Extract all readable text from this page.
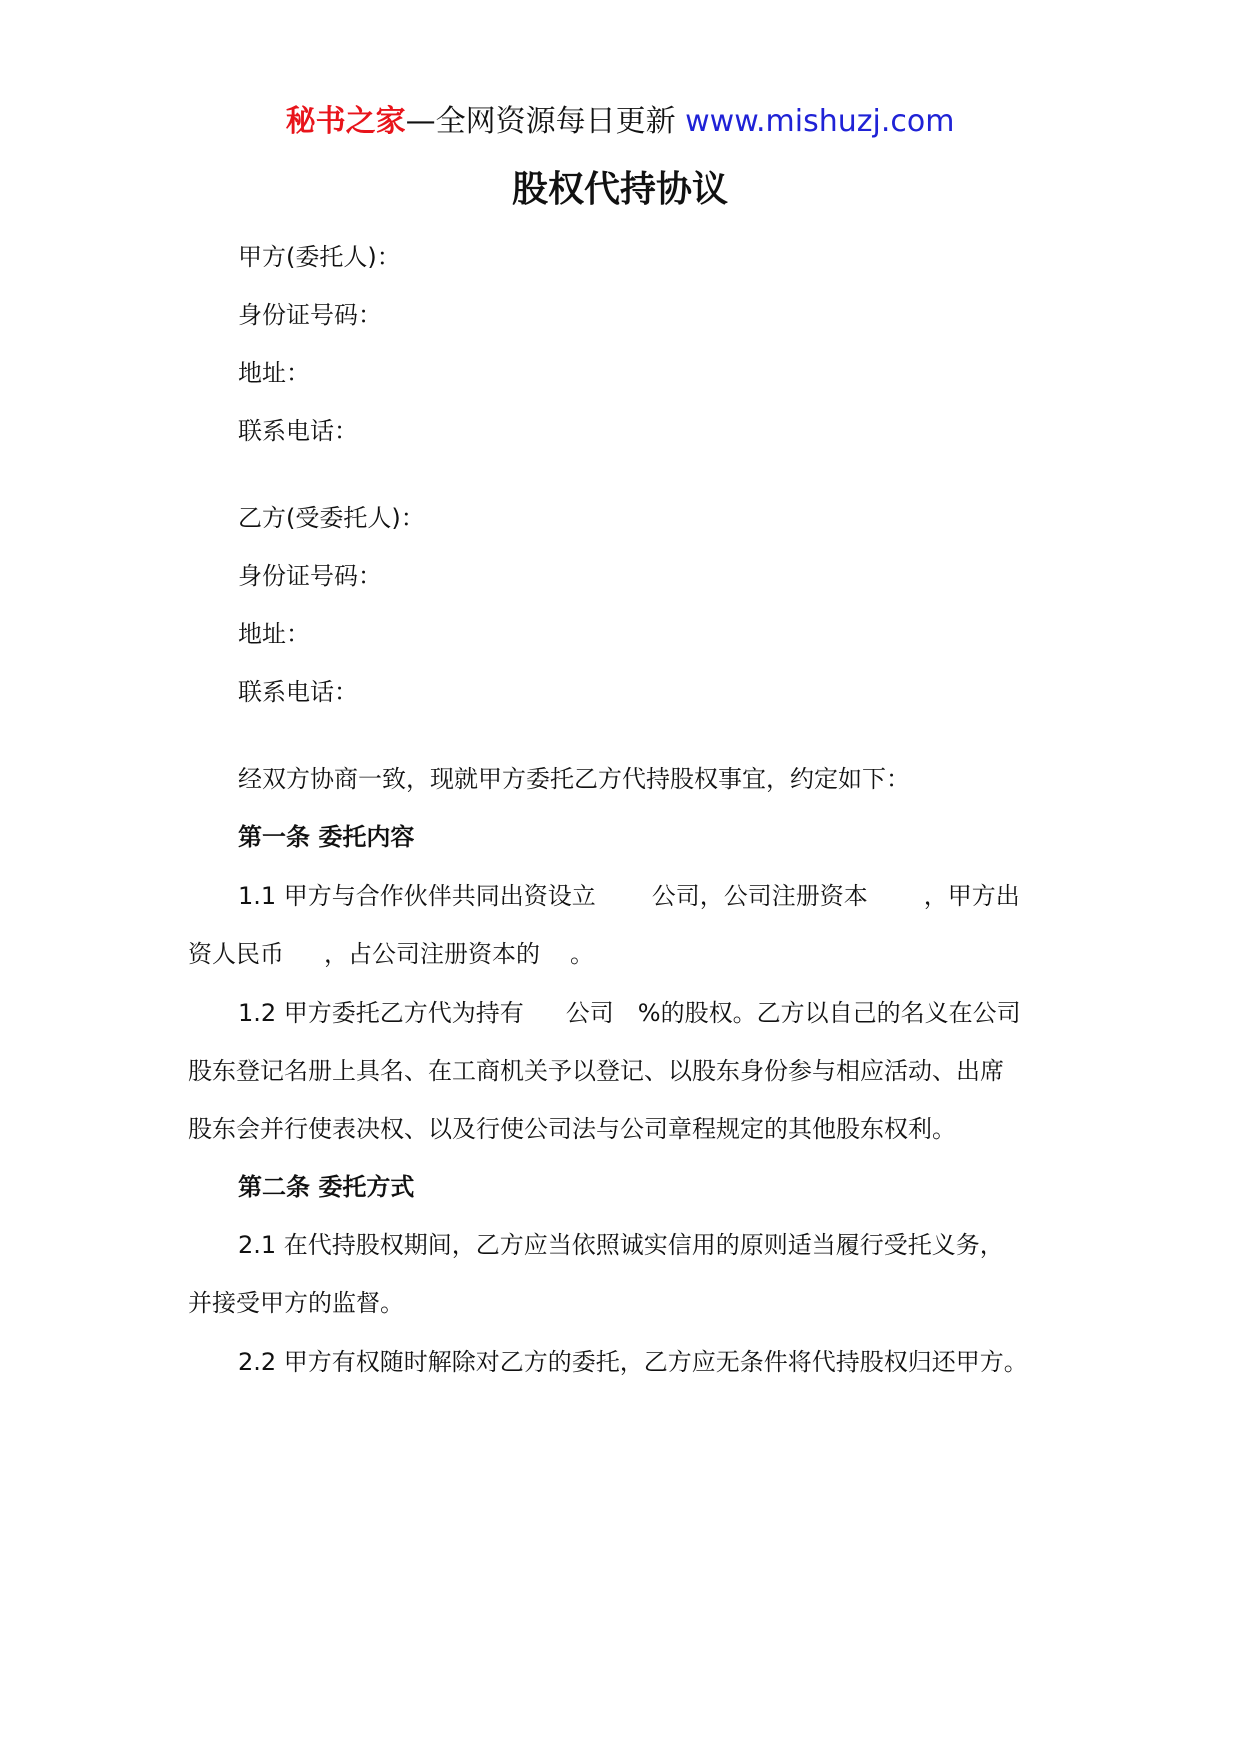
秘书之家—全网资源每日更新 www.mishuzj.com
股权代持协议
甲方(委托人)：
身份证号码：
地址：
联系电话：
乙方(受委托人)：
身份证号码：
地址：
联系电话：
经双方协商一致，现就甲方委托乙方代持股权事宜，约定如下：
第一条 委托内容
1.1 甲方与合作伙伴共同出资设立 公司，公司注册资本 ，甲方出
资人民币 ，占公司注册资本的 。
1.2 甲方委托乙方代为持有 公司 %的股权。乙方以自己的名义在公司
股东登记名册上具名、在工商机关予以登记、以股东身份参与相应活动、出席
股东会并行使表决权、以及行使公司法与公司章程规定的其他股东权利。
第二条 委托方式
2.1 在代持股权期间，乙方应当依照诚实信用的原则适当履行受托义务，
并接受甲方的监督。
2.2 甲方有权随时解除对乙方的委托，乙方应无条件将代持股权归还甲方。
